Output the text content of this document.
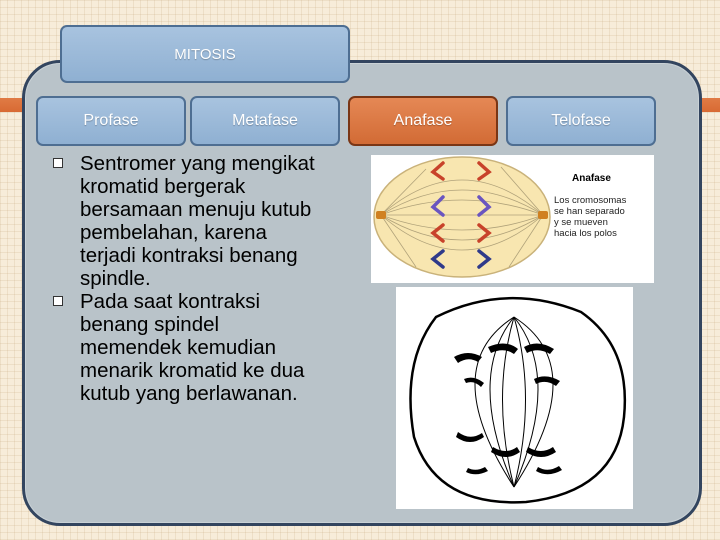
MITOSIS
Profase	Metafase	Anafase	Telofase
Sentromer yang mengikat kromatid bergerak bersamaan menuju kutub pembelahan, karena terjadi kontraksi benang spindle.
Pada saat kontraksi benang spindel memendek kemudian menarik kromatid ke dua kutub yang berlawanan.
Anafase
Los cromosomas
se han separado
y se mueven
hacia los polos
